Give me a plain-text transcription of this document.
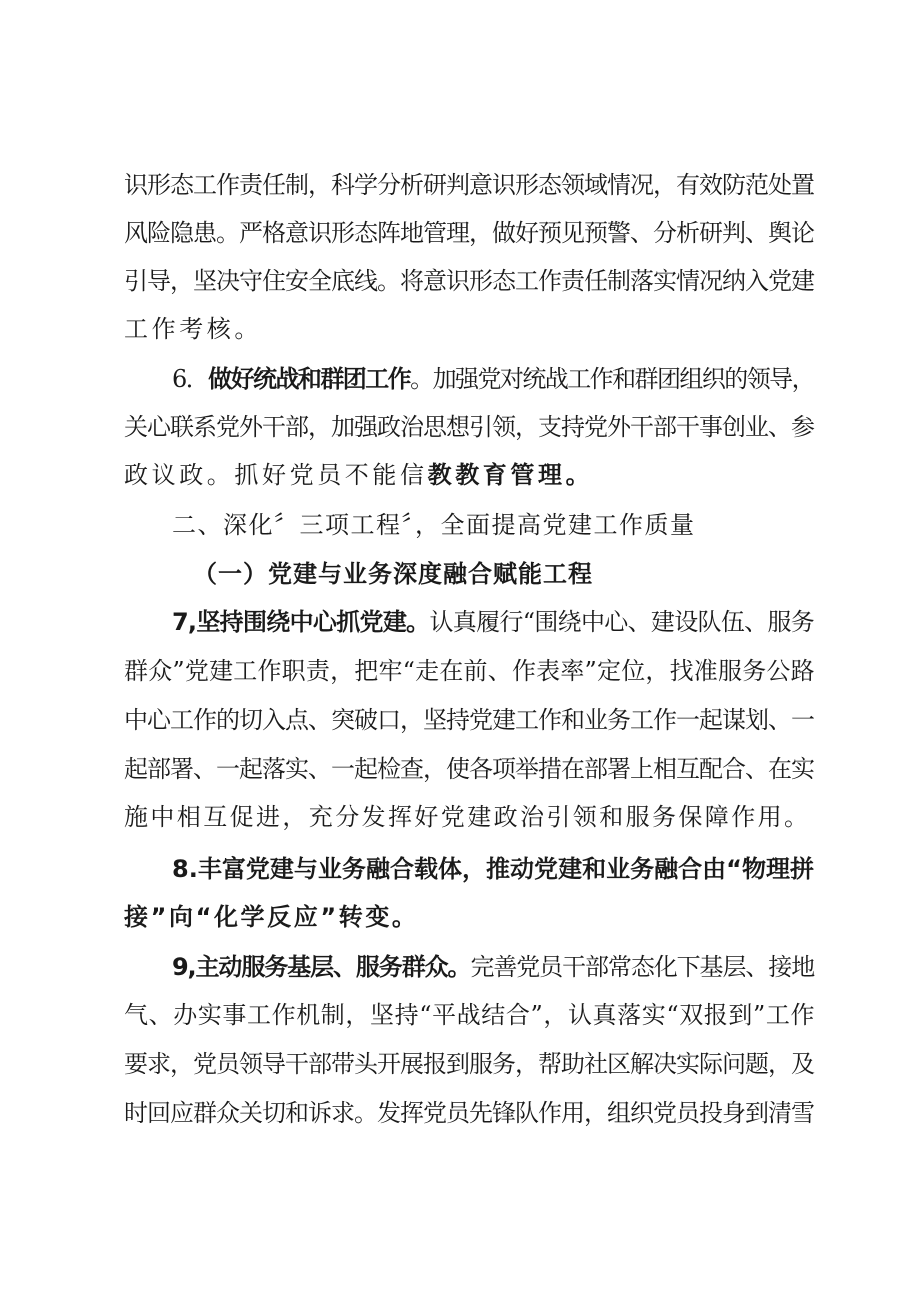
识形态工作责任制，科学分析研判意识形态领域情况，有效防范处置
风险隐患。严格意识形态阵地管理，做好预见预警、分析研判、舆论
引导，坚决守住安全底线。将意识形态工作责任制落实情况纳入党建
工作考核。
6．做好统战和群团工作。加强党对统战工作和群团组织的领导，
关心联系党外干部，加强政治思想引领，支持党外干部干事创业、参
政议政。抓好党员不能信教教育管理。
二、深化〞三项工程〞，全面提高党建工作质量
（一）党建与业务深度融合赋能工程
7,坚持围绕中心抓党建。认真履行“围绕中心、建设队伍、服务
群众”党建工作职责，把牢“走在前、作表率”定位，找准服务公路
中心工作的切入点、突破口，坚持党建工作和业务工作一起谋划、一
起部署、一起落实、一起检查，使各项举措在部署上相互配合、在实
施中相互促进，充分发挥好党建政治引领和服务保障作用。
8.丰富党建与业务融合载体，推动党建和业务融合由“物理拼
接”向“化学反应”转变。
9,主动服务基层、服务群众。完善党员干部常态化下基层、接地
气、办实事工作机制，坚持“平战结合”，认真落实“双报到”工作
要求，党员领导干部带头开展报到服务，帮助社区解决实际问题，及
时回应群众关切和诉求。发挥党员先锋队作用，组织党员投身到清雪
